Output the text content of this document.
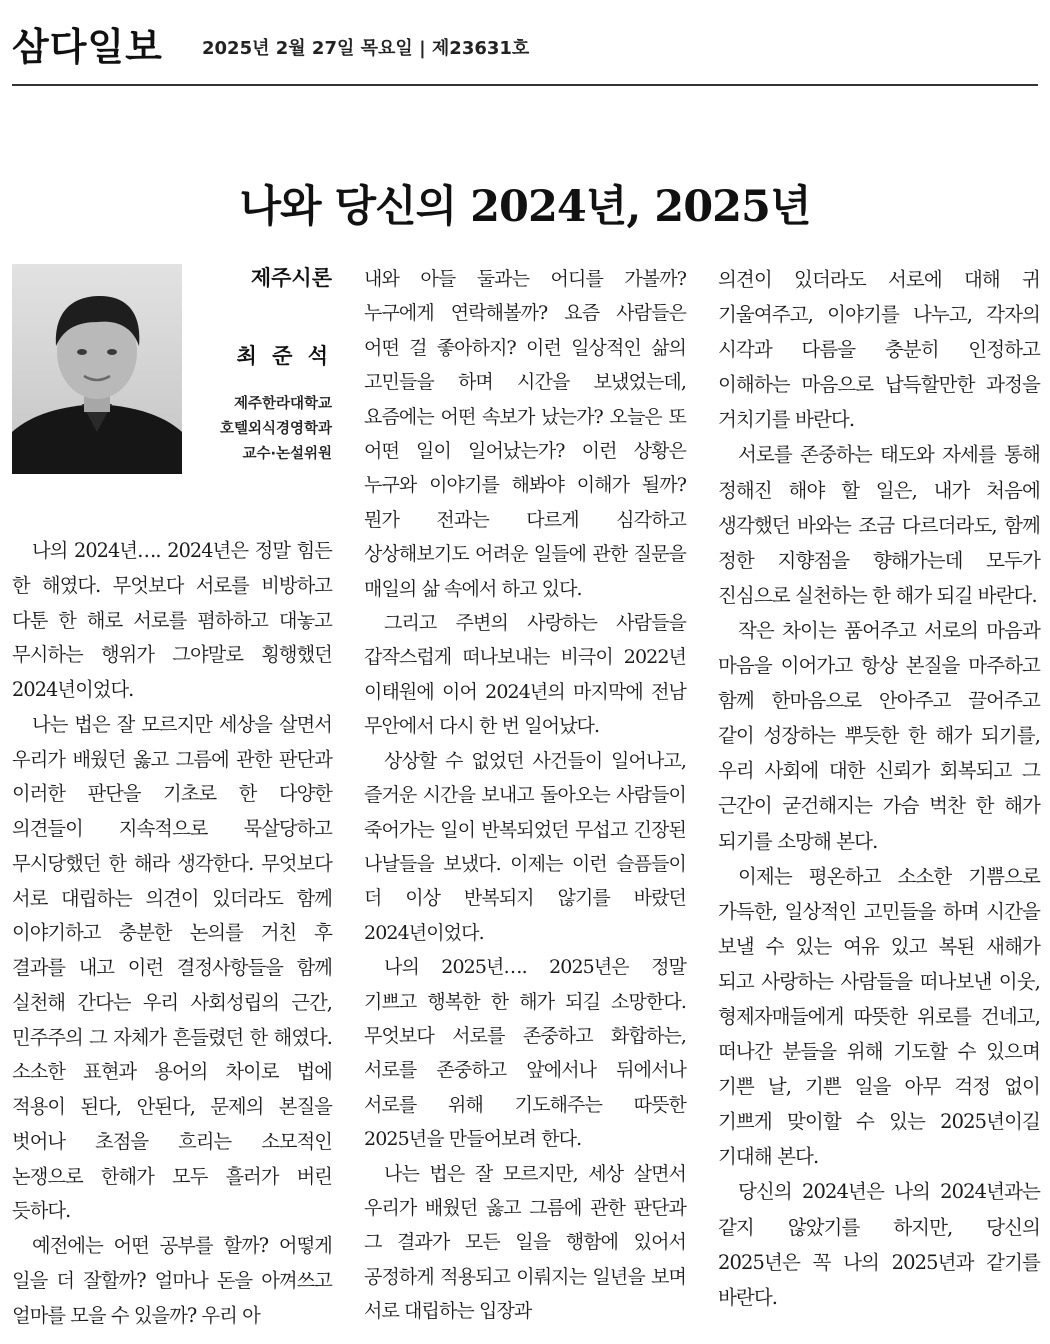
삼다일보 2025년 2월 27일 목요일 | 제23631호
나와 당신의 2024년, 2025년
제주시론
최 준 석
제주한라대학교
호텔외식경영학과
교수·논설위원

나의 2024년…. 2024년은 정말 힘든 한 해였다. 무엇보다 서로를 비방하고 다툰 한 해로 서로를 폄하하고 대놓고 무시하는 행위가 그야말로 횡행했던 2024년이었다.

나는 법은 잘 모르지만 세상을 살면서 우리가 배웠던 옳고 그름에 관한 판단과 이러한 판단을 기초로 한 다양한 의견들이 지속적으로 묵살당하고 무시당했던 한 해라 생각한다. 무엇보다 서로 대립하는 의견이 있더라도 함께 이야기하고 충분한 논의를 거친 후 결과를 내고 이런 결정사항들을 함께 실천해 간다는 우리 사회성립의 근간, 민주주의 그 자체가 흔들렸던 한 해였다. 소소한 표현과 용어의 차이로 법에 적용이 된다, 안된다, 문제의 본질을 벗어나 초점을 흐리는 소모적인 논쟁으로 한해가 모두 흘러가 버린 듯하다.

예전에는 어떤 공부를 할까? 어떻게 일을 더 잘할까? 얼마나 돈을 아껴쓰고 얼마를 모을 수 있을까? 우리 아

내와 아들 둘과는 어디를 가볼까? 누구에게 연락해볼까? 요즘 사람들은 어떤 걸 좋아하지? 이런 일상적인 삶의 고민들을 하며 시간을 보냈었는데, 요즘에는 어떤 속보가 났는가? 오늘은 또 어떤 일이 일어났는가? 이런 상황은 누구와 이야기를 해봐야 이해가 될까? 뭔가 전과는 다르게 심각하고 상상해보기도 어려운 일들에 관한 질문을 매일의 삶 속에서 하고 있다.

그리고 주변의 사랑하는 사람들을 갑작스럽게 떠나보내는 비극이 2022년 이태원에 이어 2024년의 마지막에 전남 무안에서 다시 한 번 일어났다.

상상할 수 없었던 사건들이 일어나고, 즐거운 시간을 보내고 돌아오는 사람들이 죽어가는 일이 반복되었던 무섭고 긴장된 나날들을 보냈다. 이제는 이런 슬픔들이 더 이상 반복되지 않기를 바랐던 2024년이었다.

나의 2025년…. 2025년은 정말 기쁘고 행복한 한 해가 되길 소망한다. 무엇보다 서로를 존중하고 화합하는, 서로를 존중하고 앞에서나 뒤에서나 서로를 위해 기도해주는 따뜻한 2025년을 만들어보려 한다.

나는 법은 잘 모르지만, 세상 살면서 우리가 배웠던 옳고 그름에 관한 판단과 그 결과가 모든 일을 행함에 있어서 공정하게 적용되고 이뤄지는 일년을 보며 서로 대립하는 입장과

의견이 있더라도 서로에 대해 귀 기울여주고, 이야기를 나누고, 각자의 시각과 다름을 충분히 인정하고 이해하는 마음으로 납득할만한 과정을 거치기를 바란다.

서로를 존중하는 태도와 자세를 통해 정해진 해야 할 일은, 내가 처음에 생각했던 바와는 조금 다르더라도, 함께 정한 지향점을 향해가는데 모두가 진심으로 실천하는 한 해가 되길 바란다.

작은 차이는 품어주고 서로의 마음과 마음을 이어가고 항상 본질을 마주하고 함께 한마음으로 안아주고 끌어주고 같이 성장하는 뿌듯한 한 해가 되기를, 우리 사회에 대한 신뢰가 회복되고 그 근간이 굳건해지는 가슴 벅찬 한 해가 되기를 소망해 본다.

이제는 평온하고 소소한 기쁨으로 가득한, 일상적인 고민들을 하며 시간을 보낼 수 있는 여유 있고 복된 새해가 되고 사랑하는 사람들을 떠나보낸 이웃, 형제자매들에게 따뜻한 위로를 건네고, 떠나간 분들을 위해 기도할 수 있으며 기쁜 날, 기쁜 일을 아무 걱정 없이 기쁘게 맞이할 수 있는 2025년이길 기대해 본다.

당신의 2024년은 나의 2024년과는 같지 않았기를 하지만, 당신의 2025년은 꼭 나의 2025년과 같기를 바란다.
